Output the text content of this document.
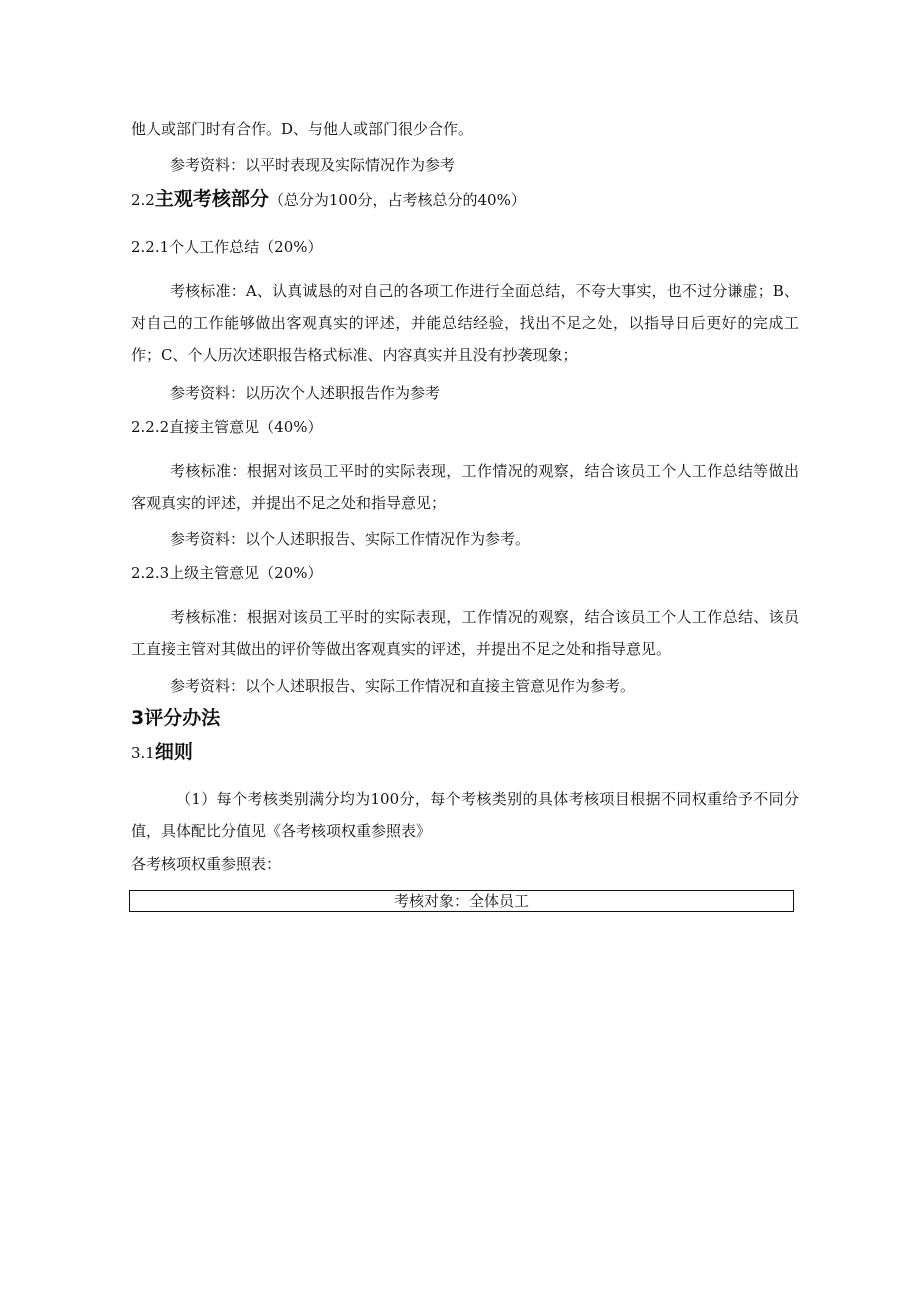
他人或部门时有合作。D、与他人或部门很少合作。
参考资料：以平时表现及实际情况作为参考
2.2主观考核部分（总分为100分，占考核总分的40%）
2.2.1个人工作总结（20%）
考核标准：A、认真诚恳的对自己的各项工作进行全面总结，不夸大事实，也不过分谦虚；B、对自己的工作能够做出客观真实的评述，并能总结经验，找出不足之处，以指导日后更好的完成工作；C、个人历次述职报告格式标准、内容真实并且没有抄袭现象；
参考资料：以历次个人述职报告作为参考
2.2.2直接主管意见（40%）
考核标准：根据对该员工平时的实际表现，工作情况的观察，结合该员工个人工作总结等做出客观真实的评述，并提出不足之处和指导意见；
参考资料：以个人述职报告、实际工作情况作为参考。
2.2.3上级主管意见（20%）
考核标准：根据对该员工平时的实际表现，工作情况的观察，结合该员工个人工作总结、该员工直接主管对其做出的评价等做出客观真实的评述，并提出不足之处和指导意见。
参考资料：以个人述职报告、实际工作情况和直接主管意见作为参考。
3评分办法
3.1细则
（1）每个考核类别满分均为100分，每个考核类别的具体考核项目根据不同权重给予不同分值，具体配比分值见《各考核项权重参照表》
各考核项权重参照表：
考核对象：全体员工
